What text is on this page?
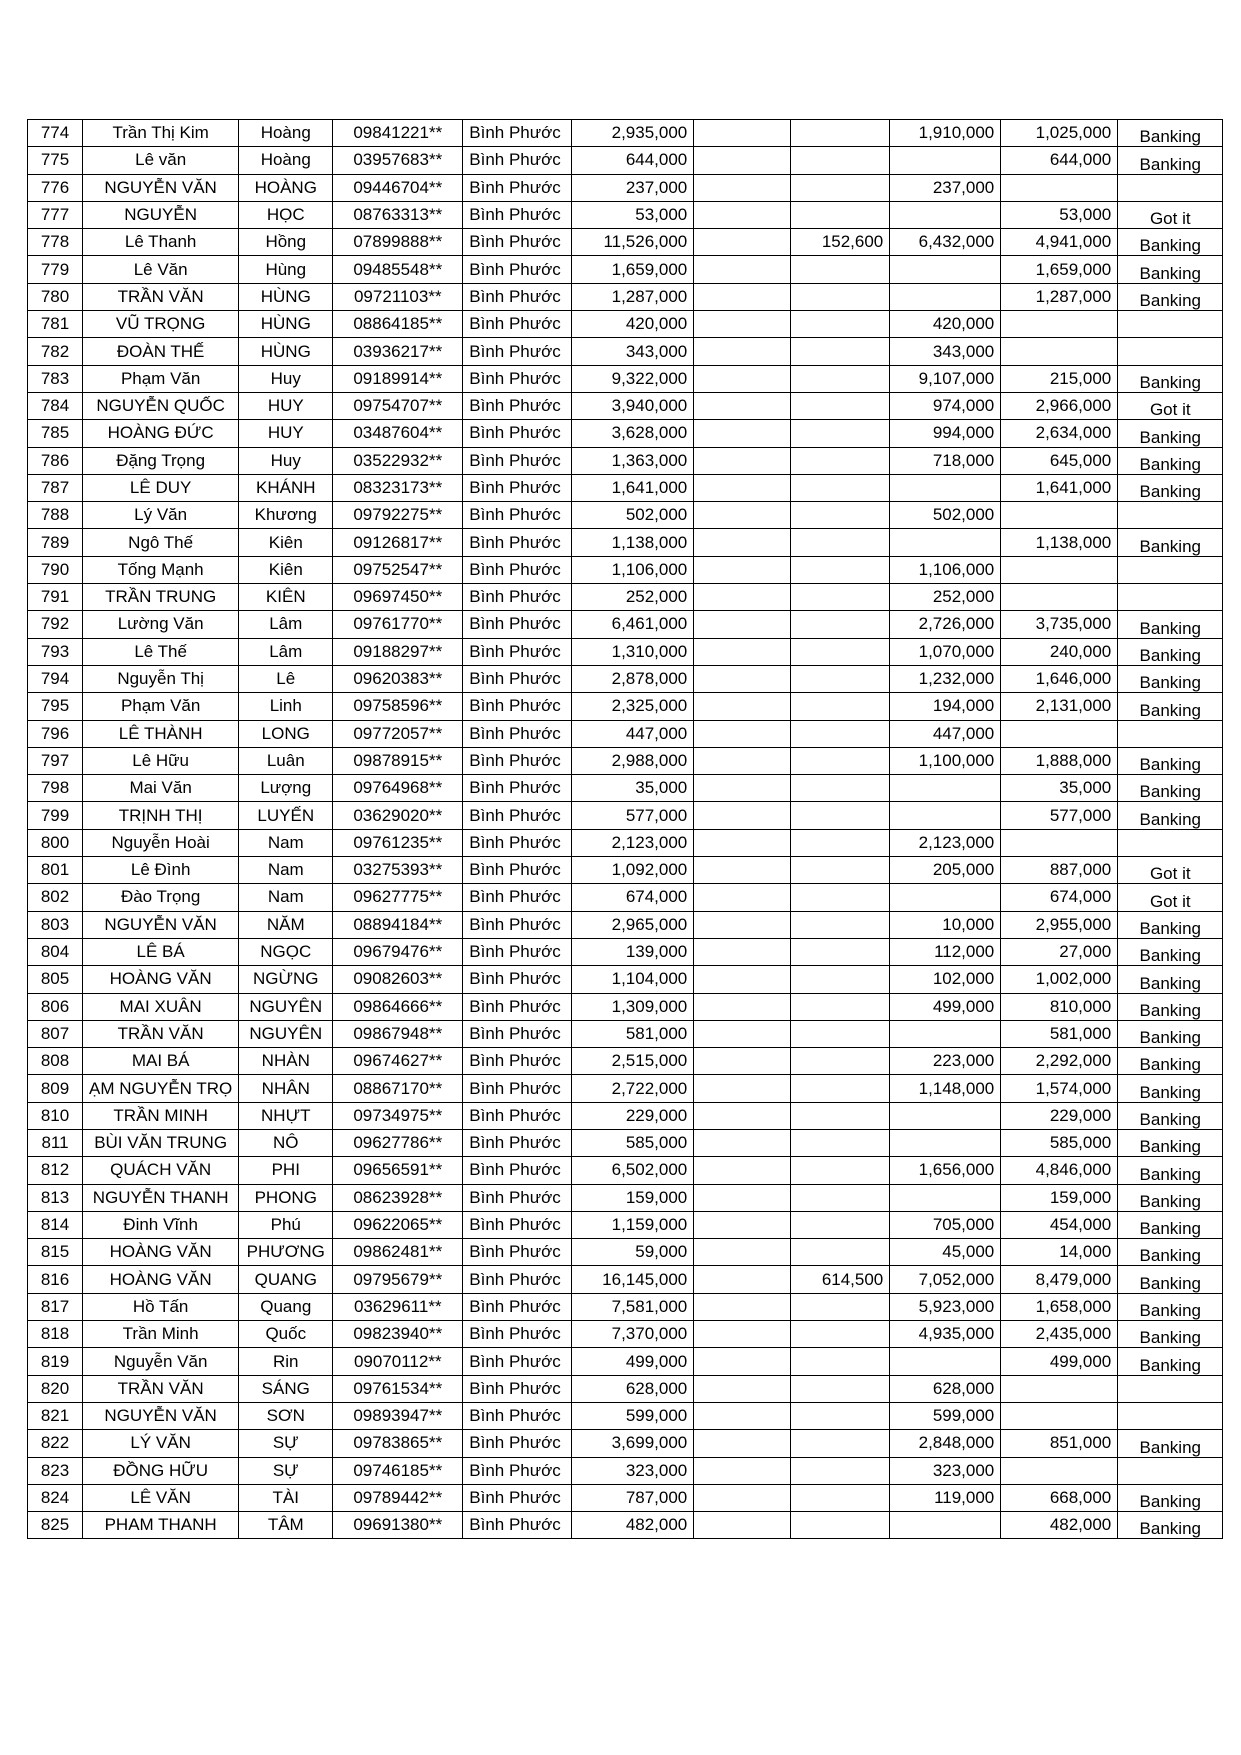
774	Trần Thị Kim	Hoàng	09841221**	Bình Phước	2,935,000			1,910,000	1,025,000	Banking
775	Lê văn	Hoàng	03957683**	Bình Phước	644,000				644,000	Banking
776	NGUYỄN VĂN	HOÀNG	09446704**	Bình Phước	237,000			237,000		
777	NGUYỄN	HỌC	08763313**	Bình Phước	53,000				53,000	Got it
778	Lê Thanh	Hồng	07899888**	Bình Phước	11,526,000		152,600	6,432,000	4,941,000	Banking
779	Lê Văn	Hùng	09485548**	Bình Phước	1,659,000				1,659,000	Banking
780	TRẦN VĂN	HÙNG	09721103**	Bình Phước	1,287,000				1,287,000	Banking
781	VŨ TRỌNG	HÙNG	08864185**	Bình Phước	420,000			420,000		
782	ĐOÀN THẾ	HÙNG	03936217**	Bình Phước	343,000			343,000		
783	Phạm Văn	Huy	09189914**	Bình Phước	9,322,000			9,107,000	215,000	Banking
784	NGUYỄN QUỐC	HUY	09754707**	Bình Phước	3,940,000			974,000	2,966,000	Got it
785	HOÀNG ĐỨC	HUY	03487604**	Bình Phước	3,628,000			994,000	2,634,000	Banking
786	Đặng Trọng	Huy	03522932**	Bình Phước	1,363,000			718,000	645,000	Banking
787	LÊ DUY	KHÁNH	08323173**	Bình Phước	1,641,000				1,641,000	Banking
788	Lý Văn	Khương	09792275**	Bình Phước	502,000			502,000		
789	Ngô Thế	Kiên	09126817**	Bình Phước	1,138,000				1,138,000	Banking
790	Tống Mạnh	Kiên	09752547**	Bình Phước	1,106,000			1,106,000		
791	TRẦN TRUNG	KIÊN	09697450**	Bình Phước	252,000			252,000		
792	Lường Văn	Lâm	09761770**	Bình Phước	6,461,000			2,726,000	3,735,000	Banking
793	Lê Thế	Lâm	09188297**	Bình Phước	1,310,000			1,070,000	240,000	Banking
794	Nguyễn Thị	Lê	09620383**	Bình Phước	2,878,000			1,232,000	1,646,000	Banking
795	Phạm Văn	Linh	09758596**	Bình Phước	2,325,000			194,000	2,131,000	Banking
796	LÊ THÀNH	LONG	09772057**	Bình Phước	447,000			447,000		
797	Lê Hữu	Luân	09878915**	Bình Phước	2,988,000			1,100,000	1,888,000	Banking
798	Mai Văn	Lượng	09764968**	Bình Phước	35,000				35,000	Banking
799	TRỊNH THỊ	LUYẾN	03629020**	Bình Phước	577,000				577,000	Banking
800	Nguyễn Hoài	Nam	09761235**	Bình Phước	2,123,000			2,123,000		
801	Lê Đình	Nam	03275393**	Bình Phước	1,092,000			205,000	887,000	Got it
802	Đào Trọng	Nam	09627775**	Bình Phước	674,000				674,000	Got it
803	NGUYỄN VĂN	NĂM	08894184**	Bình Phước	2,965,000			10,000	2,955,000	Banking
804	LÊ BÁ	NGỌC	09679476**	Bình Phước	139,000			112,000	27,000	Banking
805	HOÀNG VĂN	NGỪNG	09082603**	Bình Phước	1,104,000			102,000	1,002,000	Banking
806	MAI XUÂN	NGUYÊN	09864666**	Bình Phước	1,309,000			499,000	810,000	Banking
807	TRẦN VĂN	NGUYÊN	09867948**	Bình Phước	581,000				581,000	Banking
808	MAI BÁ	NHÀN	09674627**	Bình Phước	2,515,000			223,000	2,292,000	Banking
809	ẠM NGUYỄN TRỌ	NHÂN	08867170**	Bình Phước	2,722,000			1,148,000	1,574,000	Banking
810	TRẦN MINH	NHỰT	09734975**	Bình Phước	229,000				229,000	Banking
811	BÙI VĂN TRUNG	NÔ	09627786**	Bình Phước	585,000				585,000	Banking
812	QUÁCH VĂN	PHI	09656591**	Bình Phước	6,502,000			1,656,000	4,846,000	Banking
813	NGUYỄN THANH	PHONG	08623928**	Bình Phước	159,000				159,000	Banking
814	Đinh Vĩnh	Phú	09622065**	Bình Phước	1,159,000			705,000	454,000	Banking
815	HOÀNG VĂN	PHƯƠNG	09862481**	Bình Phước	59,000			45,000	14,000	Banking
816	HOÀNG VĂN	QUANG	09795679**	Bình Phước	16,145,000		614,500	7,052,000	8,479,000	Banking
817	Hồ Tấn	Quang	03629611**	Bình Phước	7,581,000			5,923,000	1,658,000	Banking
818	Trần Minh	Quốc	09823940**	Bình Phước	7,370,000			4,935,000	2,435,000	Banking
819	Nguyễn Văn	Rin	09070112**	Bình Phước	499,000				499,000	Banking
820	TRẦN VĂN	SÁNG	09761534**	Bình Phước	628,000			628,000		
821	NGUYỄN VĂN	SƠN	09893947**	Bình Phước	599,000			599,000		
822	LÝ VĂN	SỰ	09783865**	Bình Phước	3,699,000			2,848,000	851,000	Banking
823	ĐỒNG HỮU	SỰ	09746185**	Bình Phước	323,000			323,000		
824	LÊ VĂN	TÀI	09789442**	Bình Phước	787,000			119,000	668,000	Banking
825	PHAM THANH	TÂM	09691380**	Bình Phước	482,000				482,000	Banking
